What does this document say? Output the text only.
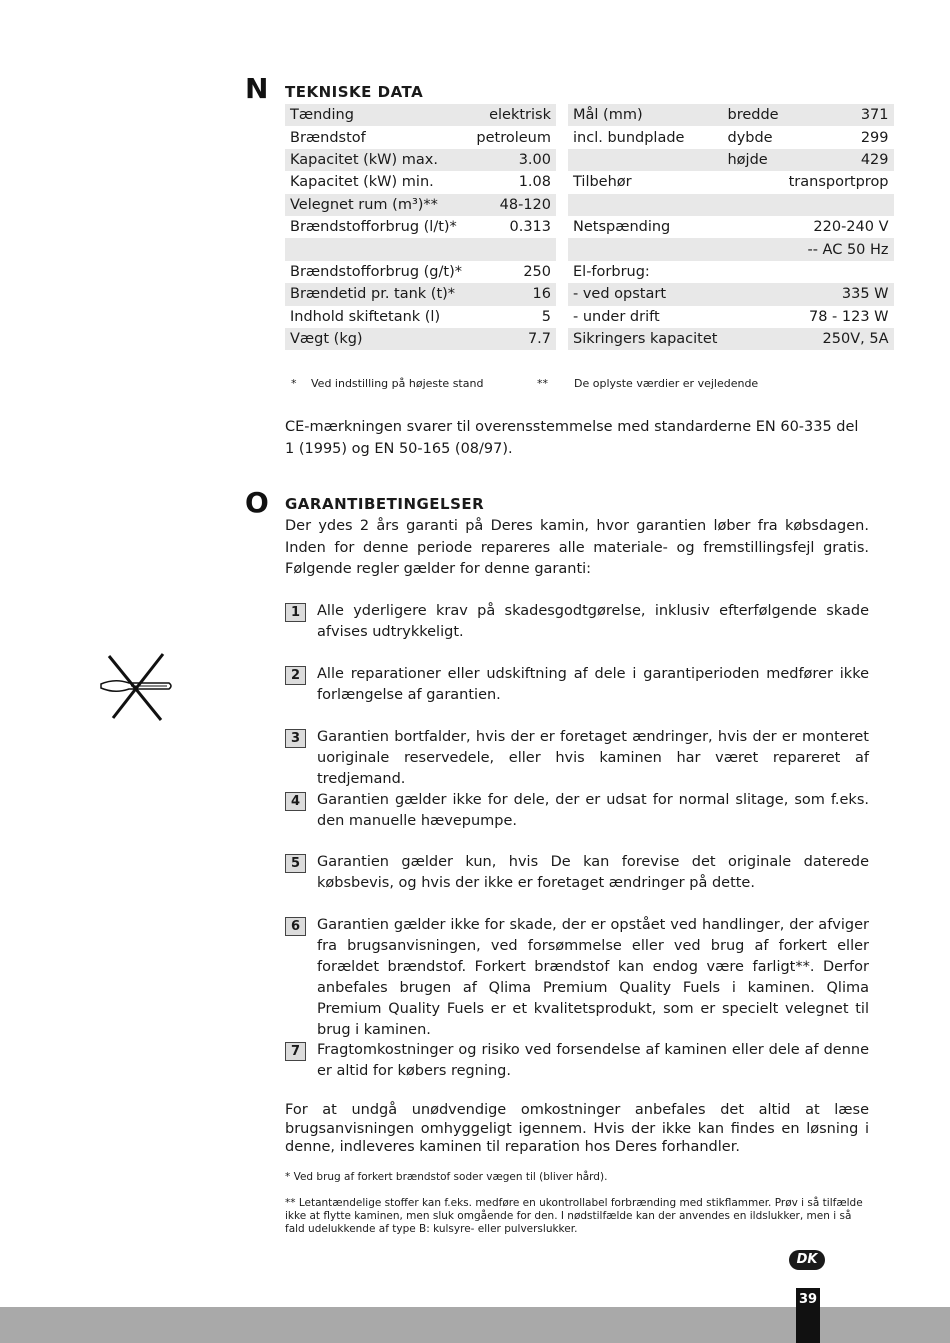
N TEKNISKE DATA
Tænding	elektrisk
Brændstof	petroleum
Kapacitet (kW) max.	3.00
Kapacitet (kW) min.	1.08
Velegnet rum (m³)**	48-120
Brændstofforbrug (l/t)*	0.313

Brændstofforbrug (g/t)*	250
Brændetid pr. tank (t)*	16
Indhold skiftetank (l)	5
Vægt (kg)	7.7
Mål (mm)	bredde	371
incl. bundplade	dybde	299
	højde	429
Tilbehør		transportprop

Netspænding		220-240 V
		-- AC 50 Hz
El-forbrug:		
- ved opstart		335 W
- under drift		78 - 123 W
Sikringers kapacitet		250V, 5A
* Ved indstilling på højeste stand	** De oplyste værdier er vejledende
CE-mærkningen svarer til overensstemmelse med standarderne EN 60-335 del 1 (1995) og EN 50-165 (08/97).
O GARANTIBETINGELSER
Der ydes 2 års garanti på Deres kamin, hvor garantien løber fra købsdagen. Inden for denne periode repareres alle materiale- og fremstillingsfejl gratis. Følgende regler gælder for denne garanti:
1	Alle yderligere krav på skadesgodtgørelse, inklusiv efterfølgende skade afvises udtrykkeligt.
2	Alle reparationer eller udskiftning af dele i garantiperioden medfører ikke forlængelse af garantien.
3	Garantien bortfalder, hvis der er foretaget ændringer, hvis der er monteret uoriginale reservedele, eller hvis kaminen har været repareret af tredjemand.
4	Garantien gælder ikke for dele, der er udsat for normal slitage, som f.eks. den manuelle hævepumpe.
5	Garantien gælder kun, hvis De kan forevise det originale daterede købsbevis, og hvis der ikke er foretaget ændringer på dette.
6	Garantien gælder ikke for skade, der er opstået ved handlinger, der afviger fra brugsanvisningen, ved forsømmelse eller ved brug af forkert eller forældet brændstof. Forkert brændstof kan endog være farligt**. Derfor anbefales brugen af Qlima Premium Quality Fuels i kaminen. Qlima Premium Quality Fuels er et kvalitetsprodukt, som er specielt velegnet til brug i kaminen.
7	Fragtomkostninger og risiko ved forsendelse af kaminen eller dele af denne er altid for købers regning.
For at undgå unødvendige omkostninger anbefales det altid at læse brugsanvisningen omhyggeligt igennem. Hvis der ikke kan findes en løsning i denne, indleveres kaminen til reparation hos Deres forhandler.
* Ved brug af forkert brændstof soder vægen til (bliver hård).
** Letantændelige stoffer kan f.eks. medføre en ukontrollabel forbrænding med stikflammer. Prøv i så tilfælde ikke at flytte kaminen, men sluk omgående for den. I nødstilfælde kan der anvendes en ildslukker, men i så fald udelukkende af type B: kulsyre- eller pulverslukker.
DK
39
